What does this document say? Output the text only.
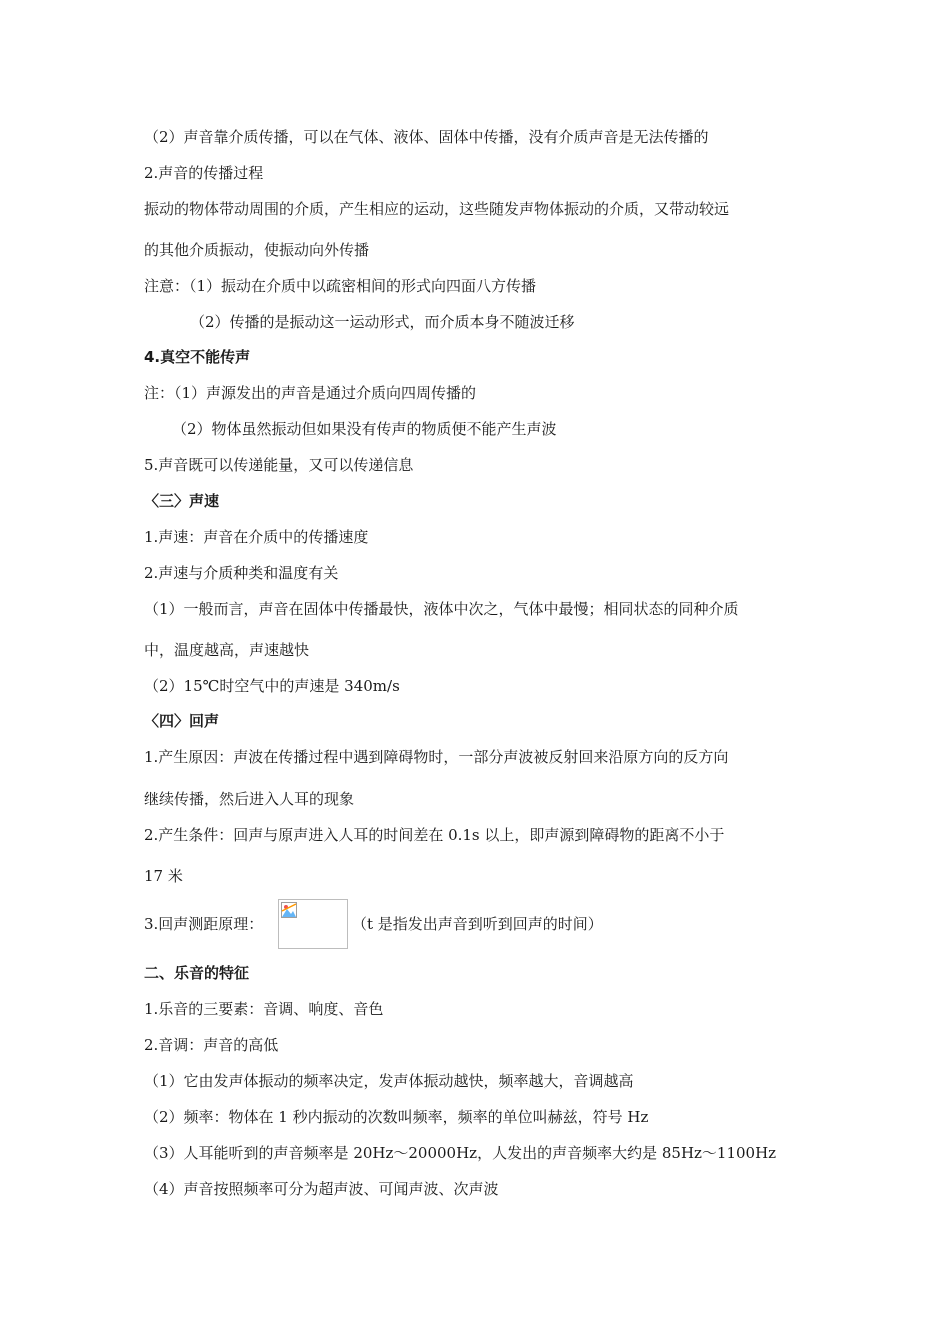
（2）声音靠介质传播，可以在气体、液体、固体中传播，没有介质声音是无法传播的
2.声音的传播过程
振动的物体带动周围的介质，产生相应的运动，这些随发声物体振动的介质，又带动较远
的其他介质振动，使振动向外传播
注意：（1）振动在介质中以疏密相间的形式向四面八方传播
（2）传播的是振动这一运动形式，而介质本身不随波迁移
4.真空不能传声
注：（1）声源发出的声音是通过介质向四周传播的
（2）物体虽然振动但如果没有传声的物质便不能产生声波
5.声音既可以传递能量，又可以传递信息
〈三〉声速
1.声速：声音在介质中的传播速度
2.声速与介质种类和温度有关
（1）一般而言，声音在固体中传播最快，液体中次之，气体中最慢；相同状态的同种介质
中，温度越高，声速越快
（2）15℃时空气中的声速是 340m/s
〈四〉回声
1.产生原因：声波在传播过程中遇到障碍物时，一部分声波被反射回来沿原方向的反方向
继续传播，然后进入人耳的现象
2.产生条件：回声与原声进入人耳的时间差在 0.1s 以上，即声源到障碍物的距离不小于
17 米
3.回声测距原理：	（t 是指发出声音到听到回声的时间）
二、乐音的特征
1.乐音的三要素：音调、响度、音色
2.音调：声音的高低
（1）它由发声体振动的频率决定，发声体振动越快，频率越大，音调越高
（2）频率：物体在 1 秒内振动的次数叫频率，频率的单位叫赫兹，符号 Hz
（3）人耳能听到的声音频率是 20Hz～20000Hz，人发出的声音频率大约是 85Hz～1100Hz
（4）声音按照频率可分为超声波、可闻声波、次声波
